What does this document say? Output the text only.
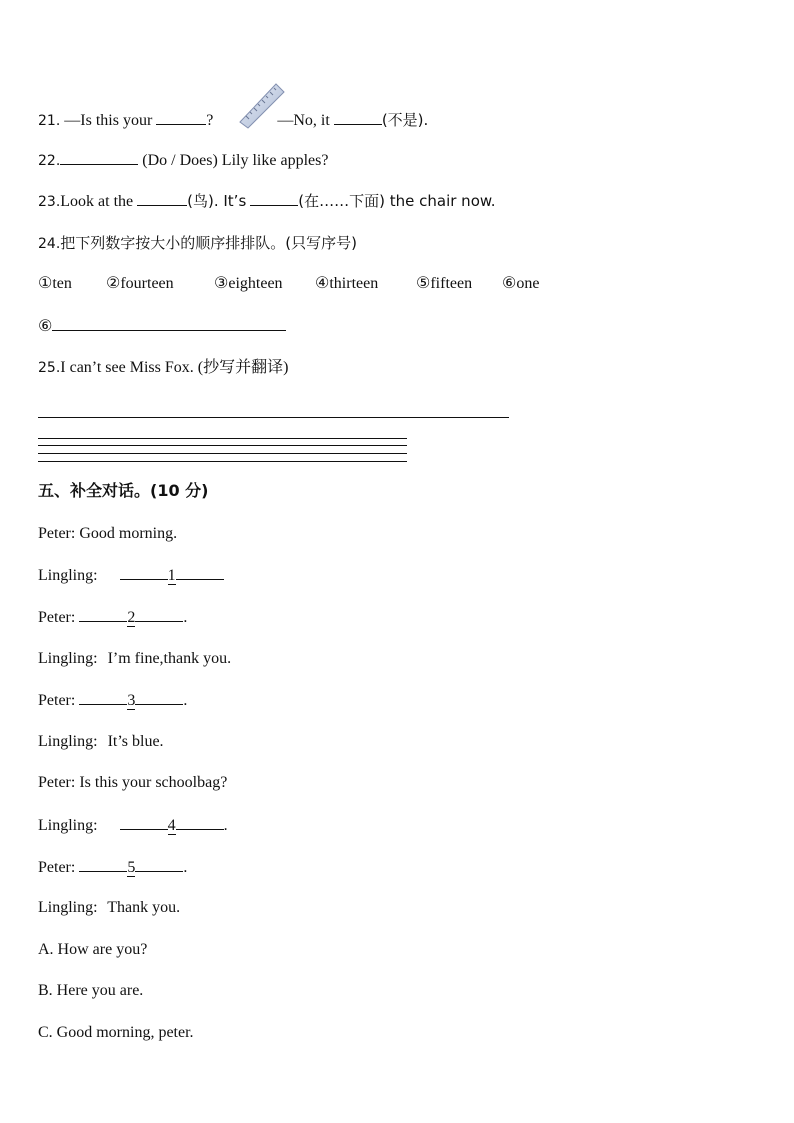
21. —Is this your	?	—No, it	(不是).
22.	(Do / Does) Lily like apples?
23.Look at the	(鸟). It’s	(在……下面) the chair now.
24.把下列数字按大小的顺序排排队。(只写序号)
①ten ②fourteen	③eighteen ④thirteen ⑤fifteen ⑥one
⑥
25.I can’t see Miss Fox. (抄写并翻译)
五、补全对话。(10 分)
Peter: Good morning.
Lingling:	1
Peter:	2	.
Lingling: I’m fine,thank you.
Peter:	3	.
Lingling: It’s blue.
Peter: Is this your schoolbag?
Lingling:	4	.
Peter:	5	.
Lingling: Thank you.
A. How are you?
B. Here you are.
C. Good morning, peter.
